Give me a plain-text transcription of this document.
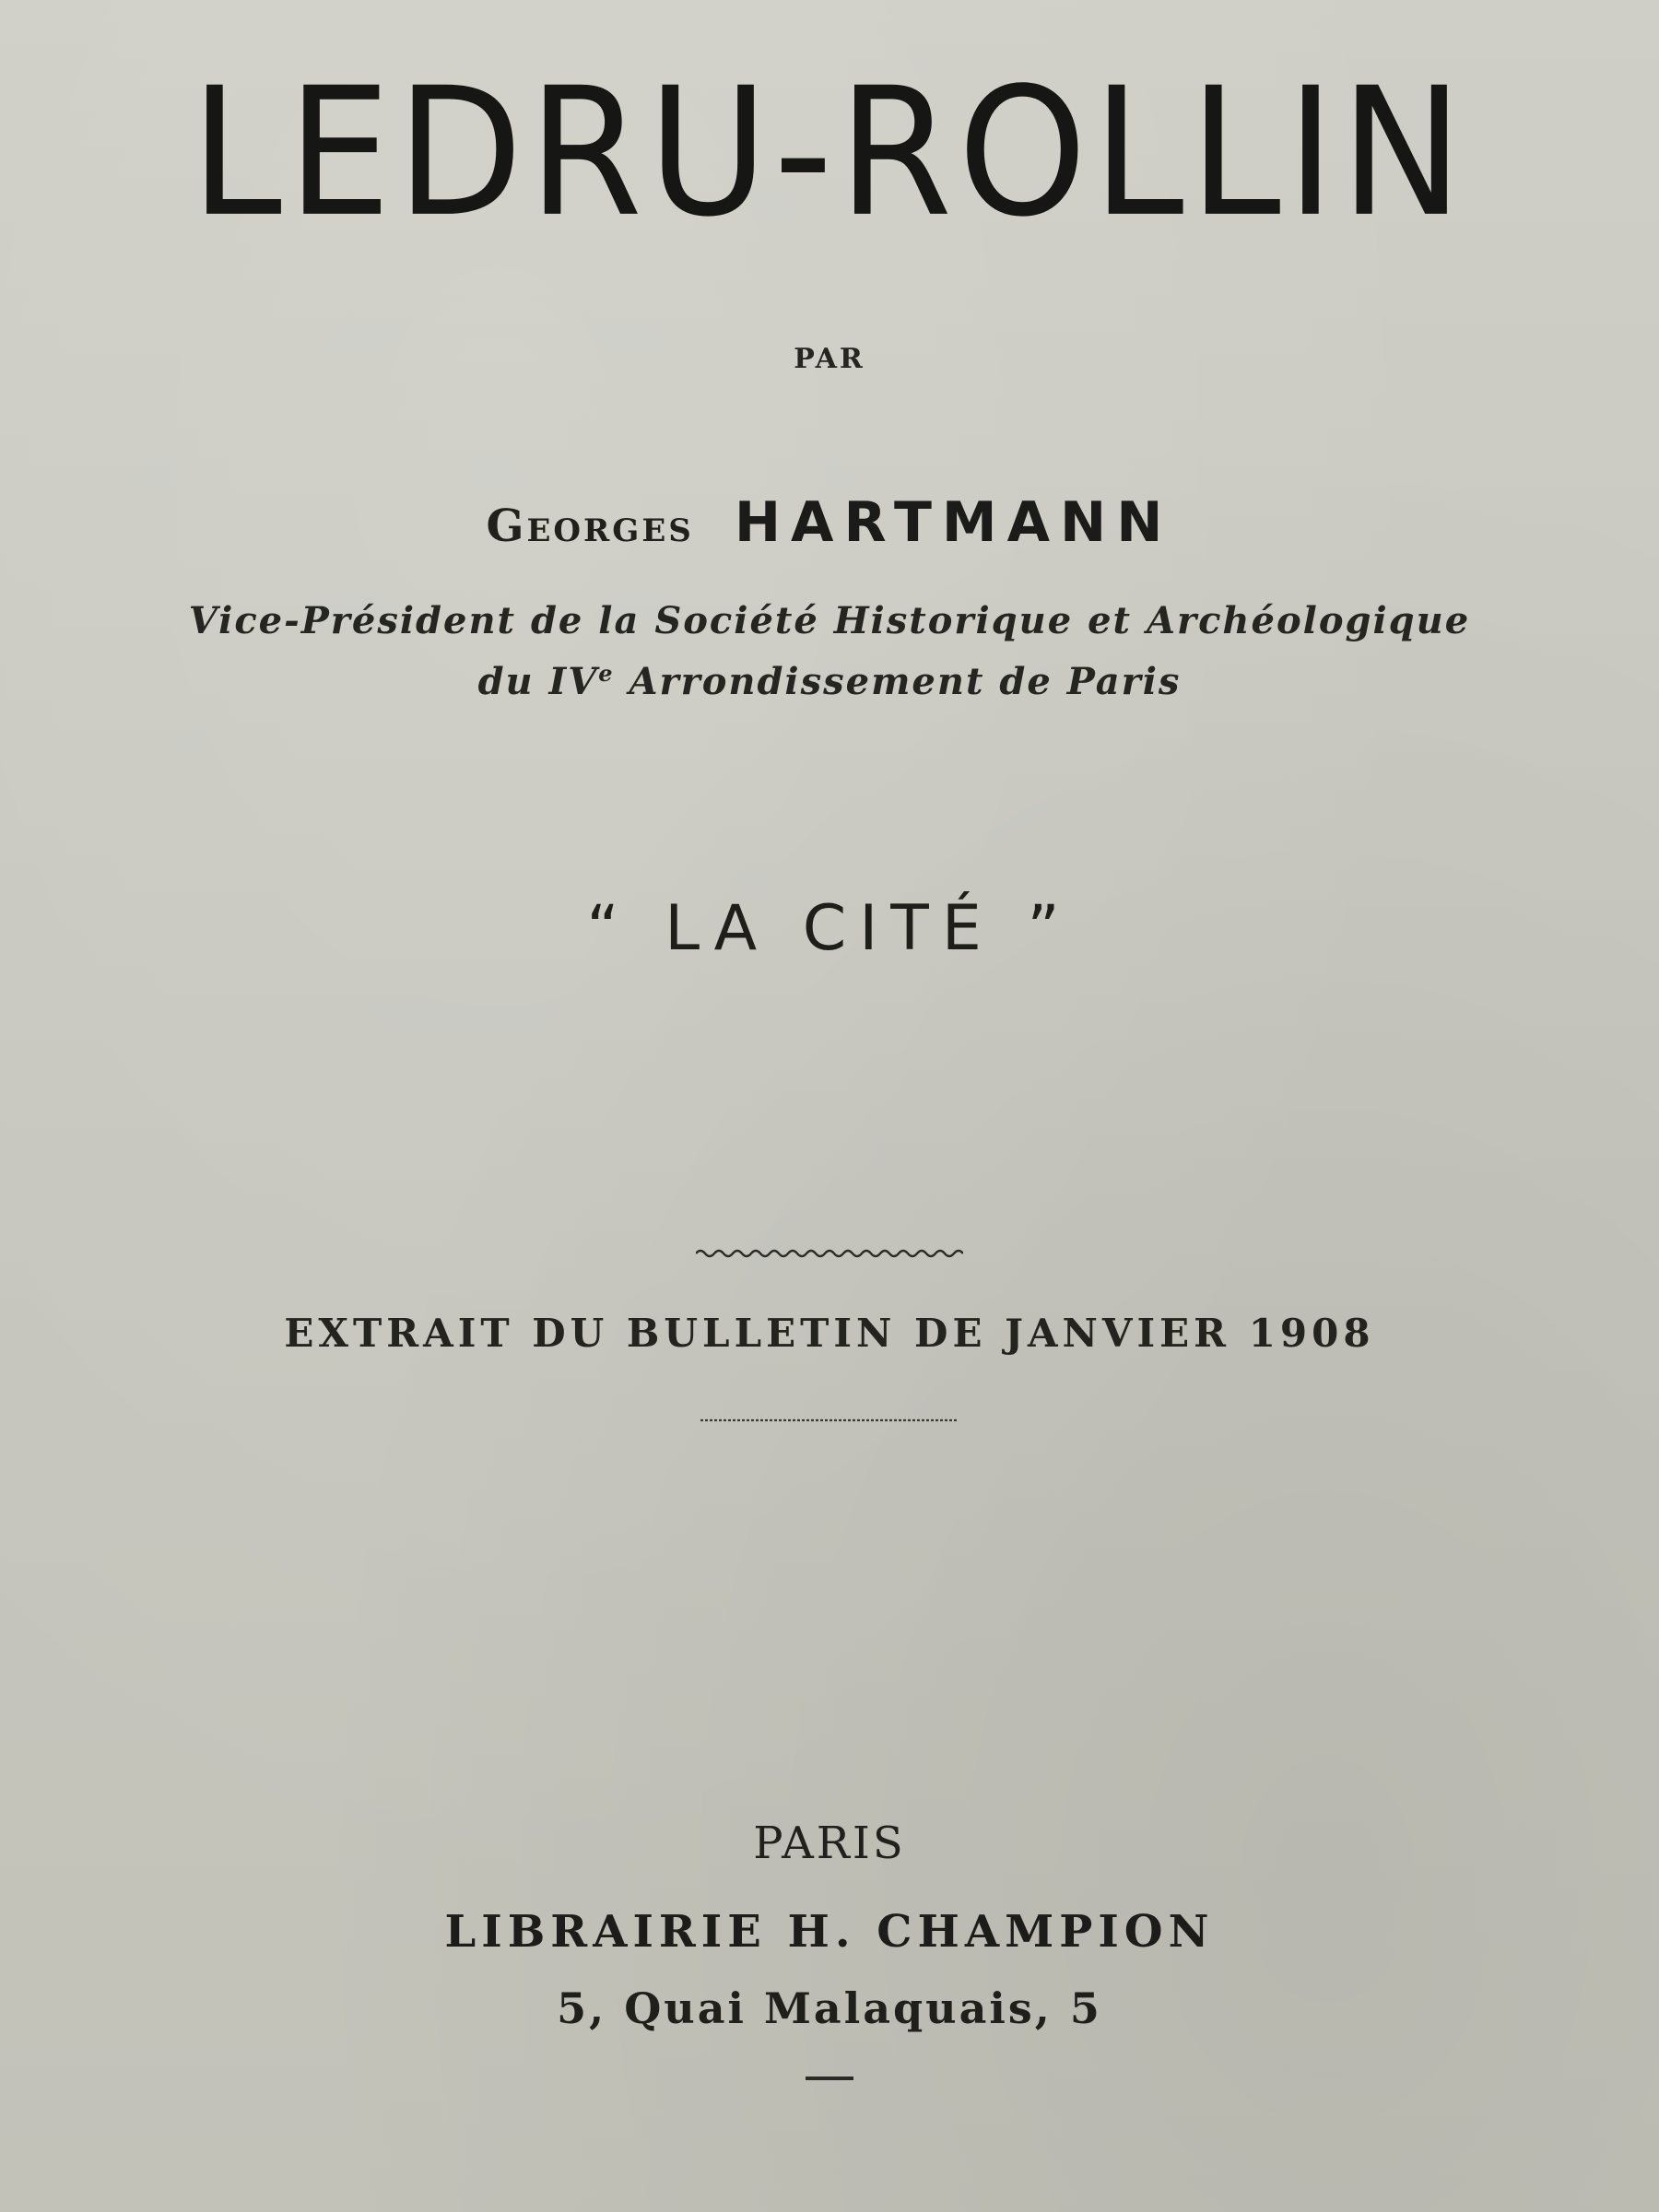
LEDRU-ROLLIN
PAR
Georges HARTMANN
Vice-Président de la Société Historique et Archéologique
du IVe Arrondissement de Paris
“ LA CITÉ ”
EXTRAIT DU BULLETIN DE JANVIER 1908
PARIS
LIBRAIRIE H. CHAMPION
5, Quai Malaquais, 5
